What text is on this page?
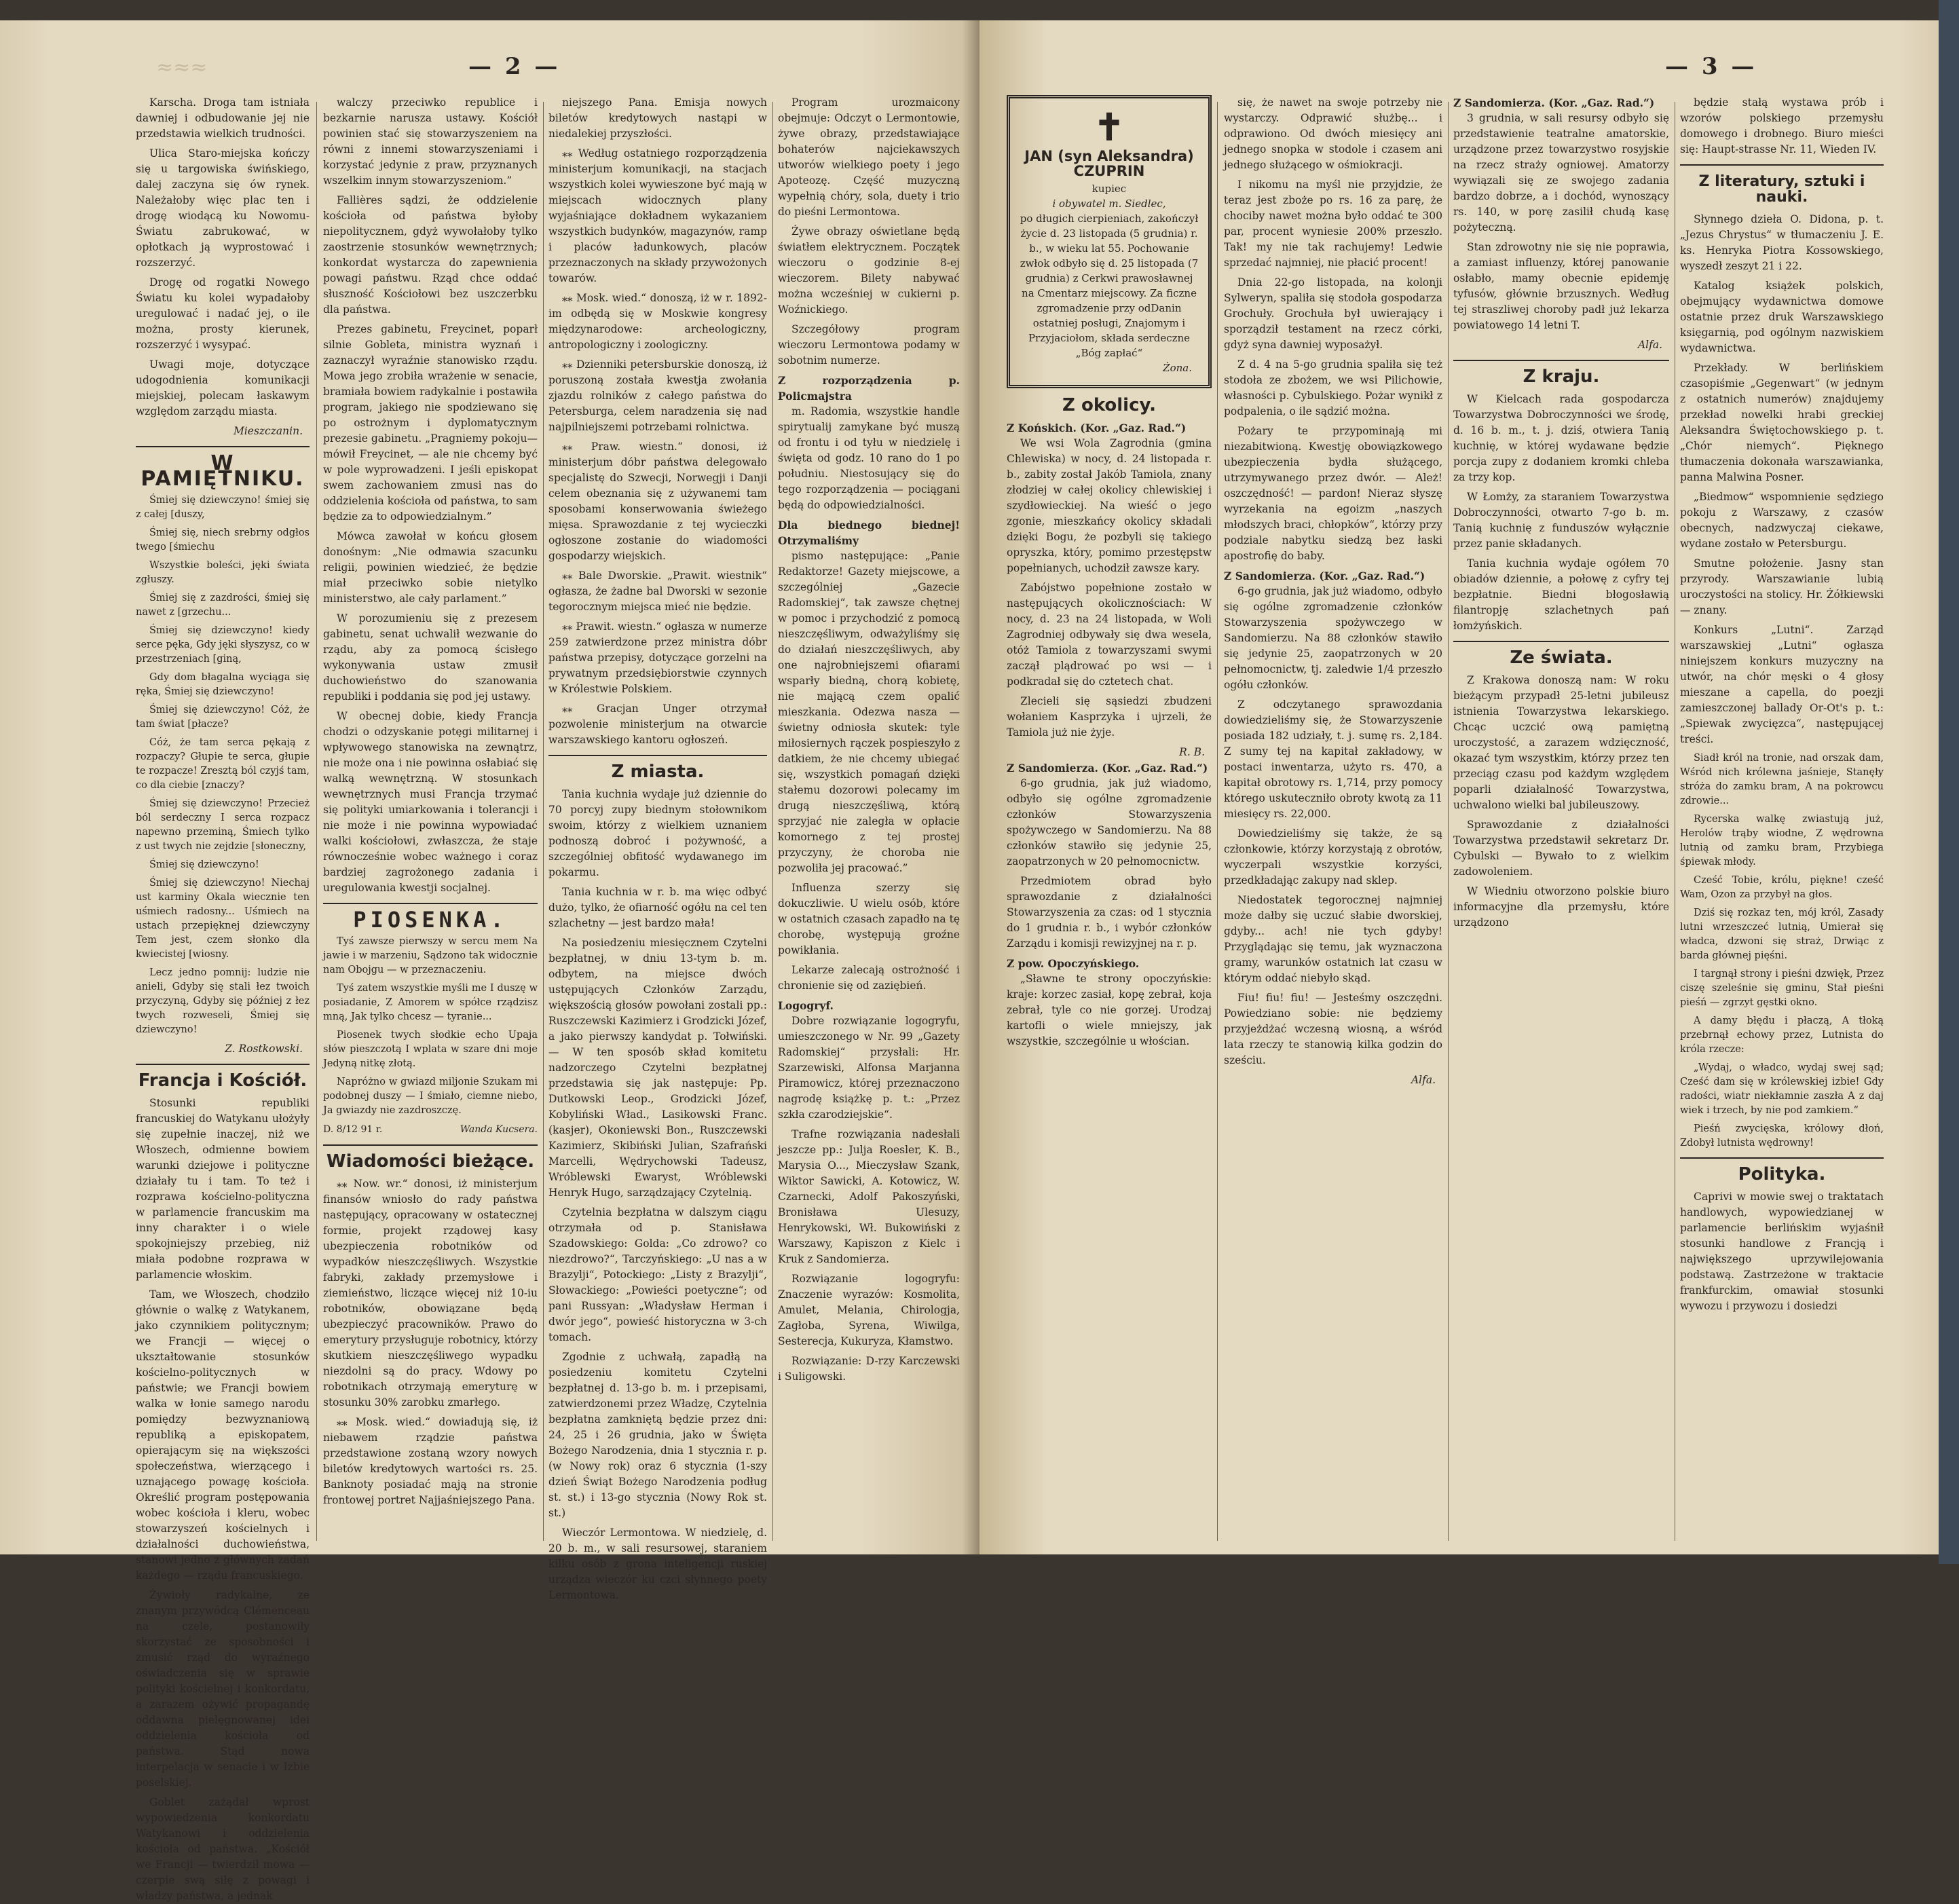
≈≈≈	— 2 —

Karscha. Droga tam istniała dawniej i odbudowanie jej nie przedstawia wielkich trudności.

Ulica Staro-miejska kończy się u targowiska świńskiego, dalej zaczyna się ów rynek. Należałoby więc plac ten i drogę wiodącą ku Nowomu-Światu zabrukować, w opłotkach ją wyprostować i rozszerzyć.

Drogę od rogatki Nowego Światu ku kolei wypadałoby uregulować i nadać jej, o ile można, prosty kierunek, rozszerzyć i wysypać.

Uwagi moje, dotyczące udogodnienia komunikacji miejskiej, polecam łaskawym względom zarządu miasta.

Mieszczanin.
W PAMIĘTNIKU.

Śmiej się dziewczyno! śmiej się z całej [duszy,

Śmiej się, niech srebrny odgłos twego [śmiechu

Wszystkie boleści, jęki świata zgłuszy.

Śmiej się z zazdrości, śmiej się nawet z [grzechu...

Śmiej się dziewczyno! kiedy serce pęka, Gdy jęki słyszysz, co w przestrzeniach [giną,

Gdy dom błagalna wyciąga się ręka, Śmiej się dziewczyno!

Śmiej się dziewczyno! Cóż, że tam świat [płacze?

Cóż, że tam serca pękają z rozpaczy? Głupie te serca, głupie te rozpacze! Zresztą ból czyjś tam, co dla ciebie [znaczy?

Śmiej się dziewczyno! Przecież ból serdeczny I serca rozpacz napewno przeminą, Śmiech tylko z ust twych nie zejdzie [słoneczny,

Śmiej się dziewczyno!

Śmiej się dziewczyno! Niechaj ust karminy Okala wiecznie ten uśmiech radosny... Uśmiech na ustach przepięknej dziewczyny Tem jest, czem słonko dla kwiecistej [wiosny.

Lecz jedno pomnij: ludzie nie anieli, Gdyby się stali łez twoich przyczyną, Gdyby się później z łez twych rozweseli, Śmiej się dziewczyno!

Z. Rostkowski.
Francja i Kościół.

Stosunki republiki francuskiej do Watykanu ułożyły się zupełnie inaczej, niż we Włoszech, odmienne bowiem warunki dziejowe i polityczne działały tu i tam. To też i rozprawa kościelno-polityczna w parlamencie francuskim ma inny charakter i o wiele spokojniejszy przebieg, niż miała podobne rozprawa w parlamencie włoskim.

Tam, we Włoszech, chodziło głównie o walkę z Watykanem, jako czynnikiem politycznym; we Francji — więcej o ukształtowanie stosunków kościelno-politycznych w państwie; we Francji bowiem walka w łonie samego narodu pomiędzy bezwyznaniową republiką a episkopatem, opierającym się na większości społeczeństwa, wierzącego i uznającego powagę kościoła. Określić program postępowania wobec kościoła i kleru, wobec stowarzyszeń kościelnych i działalności duchowieństwa, stanowi jedno z głównych zadań każdego — rządu francuskiego.

Żywioły radykalne, ze znanym przywódcą Clémenceau na czele, postanowiły skorzystać ze sposobności i zmusić rząd do wyraźnego oświadczenia się w sprawie polityki kościelnej i konkordatu, a zarazem ożywić propagandę oddawna pielęgnowanej idei oddzielenia kościoła od państwa. Stąd nowa interpelacja w senacie i w Izbie poselskiej.

Goblet zażądał wprost wypowiedzenia konkordatu Watykanowi i oddzielenia kościoła od państwa. „Kościół we Francji — twierdził mowa — czerpie swą siłę z powagi i władzy państwa, a jednak

walczy przeciwko republice i bezkarnie narusza ustawy. Kościół powinien stać się stowarzyszeniem na równi z innemi stowarzyszeniami i korzystać jedynie z praw, przyznanych wszelkim innym stowarzyszeniom.”

Fallières sądzi, że oddzielenie kościoła od państwa byłoby niepolitycznem, gdyż wywołałoby tylko zaostrzenie stosunków wewnętrznych; konkordat wystarcza do zapewnienia powagi państwu. Rząd chce oddać słuszność Kościołowi bez uszczerbku dla państwa.

Prezes gabinetu, Freycinet, poparł silnie Gobleta, ministra wyznań i zaznaczył wyraźnie stanowisko rządu. Mowa jego zrobiła wrażenie w senacie, bramiała bowiem radykalnie i postawiła program, jakiego nie spodziewano się po ostrożnym i dyplomatycznym prezesie gabinetu. „Pragniemy pokoju—mówił Freycinet, — ale nie chcemy być w pole wyprowadzeni. I jeśli episkopat swem zachowaniem zmusi nas do oddzielenia kościoła od państwa, to sam będzie za to odpowiedzialnym.”

Mówca zawołał w końcu głosem donośnym: „Nie odmawia szacunku religii, powinien wiedzieć, że będzie miał przeciwko sobie nietylko ministerstwo, ale cały parlament.”

W porozumieniu się z prezesem gabinetu, senat uchwalił wezwanie do rządu, aby za pomocą ścisłego wykonywania ustaw zmusił duchowieństwo do szanowania republiki i poddania się pod jej ustawy.

W obecnej dobie, kiedy Francja chodzi o odzyskanie potęgi militarnej i wpływowego stanowiska na zewnątrz, nie może ona i nie powinna osłabiać się walką wewnętrzną. W stosunkach wewnętrznych musi Francja trzymać się polityki umiarkowania i tolerancji i nie może i nie powinna wypowiadać walki kościołowi, zwłaszcza, że staje równocześnie wobec ważnego i coraz bardziej zagrożonego zadania i uregulowania kwestji socjalnej.

PIOSENKA.

Tyś zawsze pierwszy w sercu mem Na jawie i w marzeniu, Sądzono tak widocznie nam Obojgu — w przeznaczeniu.

Tyś zatem wszystkie myśli me I duszę w posiadanie, Z Amorem w spółce rządzisz mną, Jak tylko chcesz — tyranie...

Piosenek twych słodkie echo Upaja słów pieszczotą I wplata w szare dni moje Jedyną nitkę złotą.

Napróżno w gwiazd miljonie Szukam mi podobnej duszy — I śmiało, ciemne niebo, Ja gwiazdy nie zazdroszczę.

D. 8/12 91 r.	Wanda Kucsera.
Wiadomości bieżące.

⁎⁎ Now. wr.“ donosi, iż ministerjum finansów wniosło do rady państwa następujący, opracowany w ostatecznej formie, projekt rządowej kasy ubezpieczenia robotników od wypadków nieszczęśliwych. Wszystkie fabryki, zakłady przemysłowe i ziemieństwo, liczące więcej niż 10-iu robotników, obowiązane będą ubezpieczyć pracowników. Prawo do emerytury przysługuje robotnicy, którzy skutkiem nieszczęśliwego wypadku niezdolni są do pracy. Wdowy po robotnikach otrzymają emeryturę w stosunku 30% zarobku zmarłego.

⁎⁎ Mosk. wied.“ dowiadują się, iż niebawem rządzie państwa przedstawione zostaną wzory nowych biletów kredytowych wartości rs. 25. Banknoty posiadać mają na stronie frontowej portret Najjaśniejszego Pana.

niejszego Pana. Emisja nowych biletów kredytowych nastąpi w niedalekiej przyszłości.

⁎⁎ Według ostatniego rozporządzenia ministerjum komunikacji, na stacjach wszystkich kolei wywieszone być mają w miejscach widocznych plany wyjaśniające dokładnem wykazaniem wszystkich budynków, magazynów, ramp i placów ładunkowych, placów przeznaczonych na składy przywożonych towarów.

⁎⁎ Mosk. wied.“ donoszą, iż w r. 1892-im odbędą się w Moskwie kongresy międzynarodowe: archeologiczny, antropologiczny i zoologiczny.

⁎⁎ Dzienniki petersburskie donoszą, iż poruszoną została kwestja zwołania zjazdu rolników z całego państwa do Petersburga, celem naradzenia się nad najpilniejszemi potrzebami rolnictwa.

⁎⁎ Praw. wiestn.“ donosi, iż ministerjum dóbr państwa delegowało specjalistę do Szwecji, Norwegji i Danji celem obeznania się z używanemi tam sposobami konserwowania świeżego mięsa. Sprawozdanie z tej wycieczki ogłoszone zostanie do wiadomości gospodarzy wiejskich.

⁎⁎ Bale Dworskie. „Prawit. wiestnik“ ogłasza, że żadne bal Dworski w sezonie tegorocznym miejsca mieć nie będzie.

⁎⁎ Prawit. wiestn.“ ogłasza w numerze 259 zatwierdzone przez ministra dóbr państwa przepisy, dotyczące gorzelni na prywatnym przedsiębiorstwie czynnych w Królestwie Polskiem.

⁎⁎ Gracjan Unger otrzymał pozwolenie ministerjum na otwarcie warszawskiego kantoru ogłoszeń.

Z miasta.

Tania kuchnia wydaje już dziennie do 70 porcyj zupy biednym stołownikom swoim, którzy z wielkiem uznaniem podnoszą dobroć i pożywność, a szczególniej obfitość wydawanego im pokarmu.

Tania kuchnia w r. b. ma więc odbyć dużo, tylko, że ofiarność ogółu na cel ten szlachetny — jest bardzo mała!

Na posiedzeniu miesięcznem Czytelni bezpłatnej, w dniu 13-tym b. m. odbytem, na miejsce dwóch ustępujących Członków Zarządu, większością głosów powołani zostali pp.: Ruszczewski Kazimierz i Grodzicki Józef, a jako pierwszy kandydat p. Tołwiński. — W ten sposób skład komitetu nadzorczego Czytelni bezpłatnej przedstawia się jak następuje: Pp. Dutkowski Leop., Grodzicki Józef, Kobyliński Wład., Lasikowski Franc. (kasjer), Okoniewski Bon., Ruszczewski Kazimierz, Skibiński Julian, Szafrański Marcelli, Wędrychowski Tadeusz, Wróblewski Ewaryst, Wróblewski Henryk Hugo, sarządzający Czytelnią.

Czytelnia bezpłatna w dalszym ciągu otrzymała od p. Stanisława Szadowskiego: Golda: „Co zdrowo? co niezdrowo?“, Tarczyńskiego: „U nas a w Brazylji“, Potockiego: „Listy z Brazylji“, Słowackiego: „Powieści poetyczne“; od pani Russyan: „Władysław Herman i dwór jego“, powieść historyczna w 3-ch tomach.

Zgodnie z uchwałą, zapadłą na posiedzeniu komitetu Czytelni bezpłatnej d. 13-go b. m. i przepisami, zatwierdzonemi przez Władzę, Czytelnia bezpłatna zamkniętą będzie przez dni: 24, 25 i 26 grudnia, jako w Święta Bożego Narodzenia, dnia 1 stycznia r. p. (w Nowy rok) oraz 6 stycznia (1-szy dzień Świąt Bożego Narodzenia podług st. st.) i 13-go stycznia (Nowy Rok st. st.)

Wieczór Lermontowa. W niedzielę, d. 20 b. m., w sali resursowej, staraniem kilku osób z grona inteligencji ruskiej urządza wieczór ku czci słynnego poety Lermontowa.

Program urozmaicony obejmuje: Odczyt o Lermontowie, żywe obrazy, przedstawiające bohaterów najciekawszych utworów wielkiego poety i jego Apoteozę. Część muzyczną wypełnią chóry, sola, duety i trio do pieśni Lermontowa.

Żywe obrazy oświetlane będą światłem elektrycznem. Początek wieczoru o godzinie 8-ej wieczorem. Bilety nabywać można wcześniej w cukierni p. Woźnickiego.

Szczegółowy program wieczoru Lermontowa podamy w sobotnim numerze.

Z rozporządzenia p. Policmajstra

m. Radomia, wszystkie handle spirytualij zamykane być muszą od frontu i od tyłu w niedzielę i święta od godz. 10 rano do 1 po południu. Niestosujący się do tego rozporządzenia — pociągani będą do odpowiedzialności.

Dla biednego biednej! Otrzymaliśmy

pismo następujące: „Panie Redaktorze! Gazety miejscowe, a szczególniej „Gazecie Radomskiej“, tak zawsze chętnej w pomoc i przychodzić z pomocą nieszczęśliwym, odważyliśmy się do działań nieszczęśliwych, aby one najrobniejszemi ofiarami wsparły biedną, chorą kobietę, nie mającą czem opalić mieszkania. Odezwa nasza — świetny odniosła skutek: tyle miłosiernych rączek pospieszyło z datkiem, że nie chcemy ubiegać się, wszystkich pomagań dzięki stałemu dozorowi polecamy im drugą nieszczęśliwą, którą sprzyjać nie zaległa w opłacie komornego z tej prostej przyczyny, że choroba nie pozwoliła jej pracować.”

Influenza szerzy się dokuczliwie. U wielu osób, które w ostatnich czasach zapadło na tę chorobę, występują groźne powikłania.

Lekarze zalecają ostrożność i chronienie się od zaziębień.

Logogryf.

Dobre rozwiązanie logogryfu, umieszczonego w Nr. 99 „Gazety Radomskiej“ przysłali: Hr. Szarzewiski, Alfonsa Marjanna Piramowicz, której przeznaczono nagrodę książkę p. t.: „Przez szkła czarodziejskie“.

Trafne rozwiązania nadesłali jeszcze pp.: Julja Roesler, K. B., Marysia O..., Mieczysław Szank, Wiktor Sawicki, A. Kotowicz, W. Czarnecki, Adolf Pakoszyński, Bronisława Ulesuzy, Henrykowski, Wł. Bukowiński z Warszawy, Kapiszon z Kielc i Kruk z Sandomierza.

Rozwiązanie logogryfu: Znaczenie wyrazów: Kosmolita, Amulet, Melania, Chirologja, Zagłoba, Syrena, Wiwilga, Sesterecja, Kukuryza, Kłamstwo.

Rozwiązanie: D-rzy Karczewski i Suligowski.

— 3 —
✝
JAN (syn Aleksandra) CZUPRIN
kupiec
i obywatel m. Siedlec,
po długich cierpieniach, zakończył życie d. 23 listopada (5 grudnia) r. b., w wieku lat 55. Pochowanie zwłok odbyło się d. 25 listopada (7 grudnia) z Cerkwi prawosławnej na Cmentarz miejscowy. Za ficzne zgromadzenie przy odDanin ostatniej posługi, Znajomym i Przyjaciołom, składa serdeczne „Bóg zapłać“
Żona.
Z okolicy.
Z Końskich. (Kor. „Gaz. Rad.“)

We wsi Wola Zagrodnia (gmina Chlewiska) w nocy, d. 24 listopada r. b., zabity został Jakób Tamiola, znany złodziej w całej okolicy chlewiskiej i szydłowieckiej. Na wieść o jego zgonie, mieszkańcy okolicy składali dzięki Bogu, że pozbyli się takiego opryszka, który, pomimo przestępstw popełnianych, uchodził zawsze kary.

Zabójstwo popełnione zostało w następujących okolicznościach: W nocy, d. 23 na 24 listopada, w Woli Zagrodniej odbywały się dwa wesela, otóż Tamiola z towarzyszami swymi zaczął plądrować po wsi — i podkradał się do cztetech chat.

Zlecieli się sąsiedzi zbudzeni wołaniem Kasprzyka i ujrzeli, że Tamiola już nie żyje.

R. B.
Z Sandomierza. (Kor. „Gaz. Rad.“)

6-go grudnia, jak już wiadomo, odbyło się ogólne zgromadzenie członków Stowarzyszenia spożywczego w Sandomierzu. Na 88 członków stawiło się jedynie 25, zaopatrzonych w 20 pełnomocnictw.

Przedmiotem obrad było sprawozdanie z działalności Stowarzyszenia za czas: od 1 stycznia do 1 grudnia r. b., i wybór członków Zarządu i komisji rewizyjnej na r. p.

Z pow. Opoczyńskiego.

„Sławne te strony opoczyńskie: kraje: korzec zasiał, kopę zebrał, koja zebrał, tyle co nie gorzej. Urodzaj kartofli o wiele mniejszy, jak wszystkie, szczególnie u włościan.

się, że nawet na swoje potrzeby nie wystarczy. Odprawić służbę... i odprawiono. Od dwóch miesięcy ani jednego snopka w stodole i czasem ani jednego służącego w ośmiokracji.

I nikomu na myśl nie przyjdzie, że teraz jest zboże po rs. 16 za parę, że chociby nawet można było oddać te 300 par, procent wyniesie 200% przeszło. Tak! my nie tak rachujemy! Ledwie sprzedać najmniej, nie płacić procent!

Dnia 22-go listopada, na kolonji Sylweryn, spaliła się stodoła gospodarza Grochuły. Grochuła był uwierający i sporządził testament na rzecz córki, gdyż syna dawniej wyposażył.

Z d. 4 na 5-go grudnia spaliła się też stodoła ze zbożem, we wsi Pilichowie, własności p. Cybulskiego. Pożar wynikł z podpalenia, o ile sądzić można.

Pożary te przypominają mi niezabitwioną. Kwestję obowiązkowego ubezpieczenia bydła służącego, utrzymywanego przez dwór. — Ależ! oszczędność! — pardon! Nieraz słyszę wyrzekania na egoizm „naszych młodszych braci, chłopków“, którzy przy podziale nabytku siedzą bez łaski apostrofię do baby.

Z Sandomierza. (Kor. „Gaz. Rad.“)

6-go grudnia, jak już wiadomo, odbyło się ogólne zgromadzenie członków Stowarzyszenia spożywczego w Sandomierzu. Na 88 członków stawiło się jedynie 25, zaopatrzonych w 20 pełnomocnictw, tj. zaledwie 1/4 przeszło ogółu członków.

Z odczytanego sprawozdania dowiedzieliśmy się, że Stowarzyszenie posiada 182 udziały, t. j. sumę rs. 2,184. Z sumy tej na kapitał zakładowy, w postaci inwentarza, użyto rs. 470, a kapitał obrotowy rs. 1,714, przy pomocy którego uskuteczniło obroty kwotą za 11 miesięcy rs. 22,000.

Dowiedzieliśmy się także, że są członkowie, którzy korzystają z obrotów, wyczerpali wszystkie korzyści, przedkładając zakupy nad sklep.

Niedostatek tegorocznej najmniej może dałby się uczuć słabie dworskiej, gdyby... ach! nie tych gdyby! Przyglądając się temu, jak wyznaczona gramy, warunków ostatnich lat czasu w którym oddać niebyło skąd.

Fiu! fiu! fiu! — Jesteśmy oszczędni. Powiedziano sobie: nie będziemy przyjeżdżać wczesną wiosną, a wśród lata rzeczy te stanowią kilka godzin do sześciu.

Alfa.
Z Sandomierza. (Kor. „Gaz. Rad.“)

3 grudnia, w sali resursy odbyło się przedstawienie teatralne amatorskie, urządzone przez towarzystwo rosyjskie na rzecz straży ogniowej. Amatorzy wywiązali się ze swojego zadania bardzo dobrze, a i dochód, wynoszący rs. 140, w porę zasilił chudą kasę pożyteczną.

Stan zdrowotny nie się nie poprawia, a zamiast influenzy, której panowanie osłabło, mamy obecnie epidemję tyfusów, głównie brzusznych. Według tej straszliwej choroby padł już lekarza powiatowego 14 letni T.

Alfa.
Z kraju.

W Kielcach rada gospodarcza Towarzystwa Dobroczynności we środę, d. 16 b. m., t. j. dziś, otwiera Tanią kuchnię, w której wydawane będzie porcja zupy z dodaniem kromki chleba za trzy kop.

W Łomży, za staraniem Towarzystwa Dobroczynności, otwarto 7-go b. m. Tanią kuchnię z funduszów wyłącznie przez panie składanych.

Tania kuchnia wydaje ogółem 70 obiadów dziennie, a połowę z cyfry tej bezpłatnie. Biedni błogosławią filantropję szlachetnych pań łomżyńskich.

Ze świata.

Z Krakowa donoszą nam: W roku bieżącym przypadł 25-letni jubileusz istnienia Towarzystwa lekarskiego. Chcąc uczcić ową pamiętną uroczystość, a zarazem wdzięczność, okazać tym wszystkim, którzy przez ten przeciąg czasu pod każdym względem poparli działalność Towarzystwa, uchwalono wielki bal jubileuszowy.

Sprawozdanie z działalności Towarzystwa przedstawił sekretarz Dr. Cybulski — Bywało to z wielkim zadowoleniem.

W Wiedniu otworzono polskie biuro informacyjne dla przemysłu, które urządzono

będzie stałą wystawa prób i wzorów polskiego przemysłu domowego i drobnego. Biuro mieści się: Haupt-strasse Nr. 11, Wieden IV.

Z literatury, sztuki i nauki.

Słynnego dzieła O. Didona, p. t. „Jezus Chrystus“ w tłumaczeniu J. E. ks. Henryka Piotra Kossowskiego, wyszedł zeszyt 21 i 22.

Katalog książek polskich, obejmujący wydawnictwa domowe ostatnie przez druk Warszawskiego księgarnią, pod ogólnym nazwiskiem wydawnictwa.

Przekłady. W berlińskiem czasopiśmie „Gegenwart“ (w jednym z ostatnich numerów) znajdujemy przekład nowelki hrabi greckiej Aleksandra Świętochowskiego p. t. „Chór niemych“. Pięknego tłumaczenia dokonała warszawianka, panna Malwina Posner.

„Biedmow“ wspomnienie sędziego pokoju z Warszawy, z czasów obecnych, nadzwyczaj ciekawe, wydane zostało w Petersburgu.

Smutne położenie. Jasny stan przyrody. Warszawianie lubią uroczystości na stolicy. Hr. Żółkiewski — znany.

Konkurs „Lutni“. Zarząd warszawskiej „Lutni“ ogłasza niniejszem konkurs muzyczny na utwór, na chór męski o 4 głosy mieszane a capella, do poezji zamieszczonej ballady Or-Ot's p. t.: „Spiewak zwycięzca“, następującej treści.

Siadł król na tronie, nad orszak dam, Wśród nich królewna jaśnieje, Stanęły stróża do zamku bram, A na pokrowcu zdrowie...

Rycerska walkę zwiastują już, Herolów trąby wiodne, Z wędrowna lutnią od zamku bram, Przybiega śpiewak młody.

Cześć Tobie, królu, piękne! cześć Wam, Ozon za przybył na głos.

Dziś się rozkaz ten, mój król, Zasady lutni wrzeszczeć lutnią, Umierał się władca, dzwoni się straż, Drwiąc z barda głównej pięśni.

I targnął strony i pieśni dzwięk, Przez ciszę szeleśnie się gminu, Stał pieśni pieśń — zgrzyt gęstki okno.

A damy błędu i płaczą, A tłoką przebrnął echowy przez, Lutnista do króla rzecze:

„Wydaj, o władco, wydaj swej sąd; Cześć dam się w królewskiej izbie! Gdy radości, wiatr niekłamnie zaszła A z daj wiek i trzech, by nie pod zamkiem.“

Pieśń zwycięska, królowy dłoń, Zdobył lutnista wędrowny!

Polityka.

Caprivi w mowie swej o traktatach handlowych, wypowiedzianej w parlamencie berlińskim wyjaśnił stosunki handlowe z Francją i największego uprzywilejowania podstawą. Zastrzeżone w traktacie frankfurckim, omawiał stosunki wywozu i przywozu i dosiedzi
